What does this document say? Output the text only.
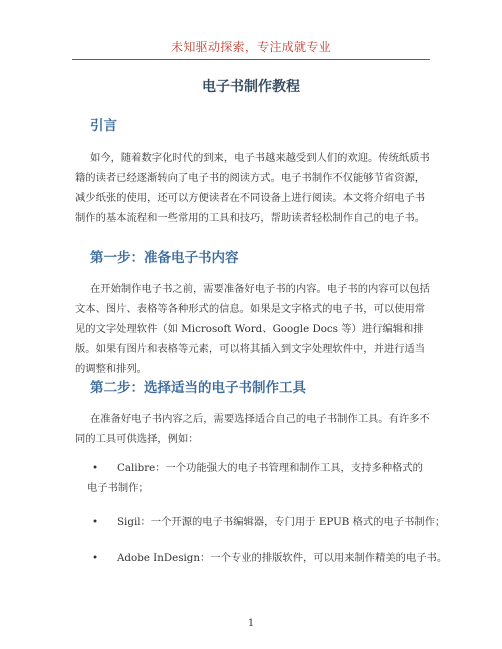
未知驱动探索，专注成就专业
电子书制作教程
引言
如今，随着数字化时代的到来，电子书越来越受到人们的欢迎。传统纸质书籍的读者已经逐渐转向了电子书的阅读方式。电子书制作不仅能够节省资源，减少纸张的使用，还可以方便读者在不同设备上进行阅读。本文将介绍电子书制作的基本流程和一些常用的工具和技巧，帮助读者轻松制作自己的电子书。
第一步：准备电子书内容
在开始制作电子书之前，需要准备好电子书的内容。电子书的内容可以包括文本、图片、表格等各种形式的信息。如果是文字格式的电子书，可以使用常见的文字处理软件（如 Microsoft Word、Google Docs 等）进行编辑和排版。如果有图片和表格等元素，可以将其插入到文字处理软件中，并进行适当的调整和排列。
第二步：选择适当的电子书制作工具
在准备好电子书内容之后，需要选择适合自己的电子书制作工具。有许多不同的工具可供选择，例如：
• Calibre：一个功能强大的电子书管理和制作工具，支持多种格式的
电子书制作；
• Sigil：一个开源的电子书编辑器，专门用于 EPUB 格式的电子书制作；
• Adobe InDesign：一个专业的排版软件，可以用来制作精美的电子书。
1
